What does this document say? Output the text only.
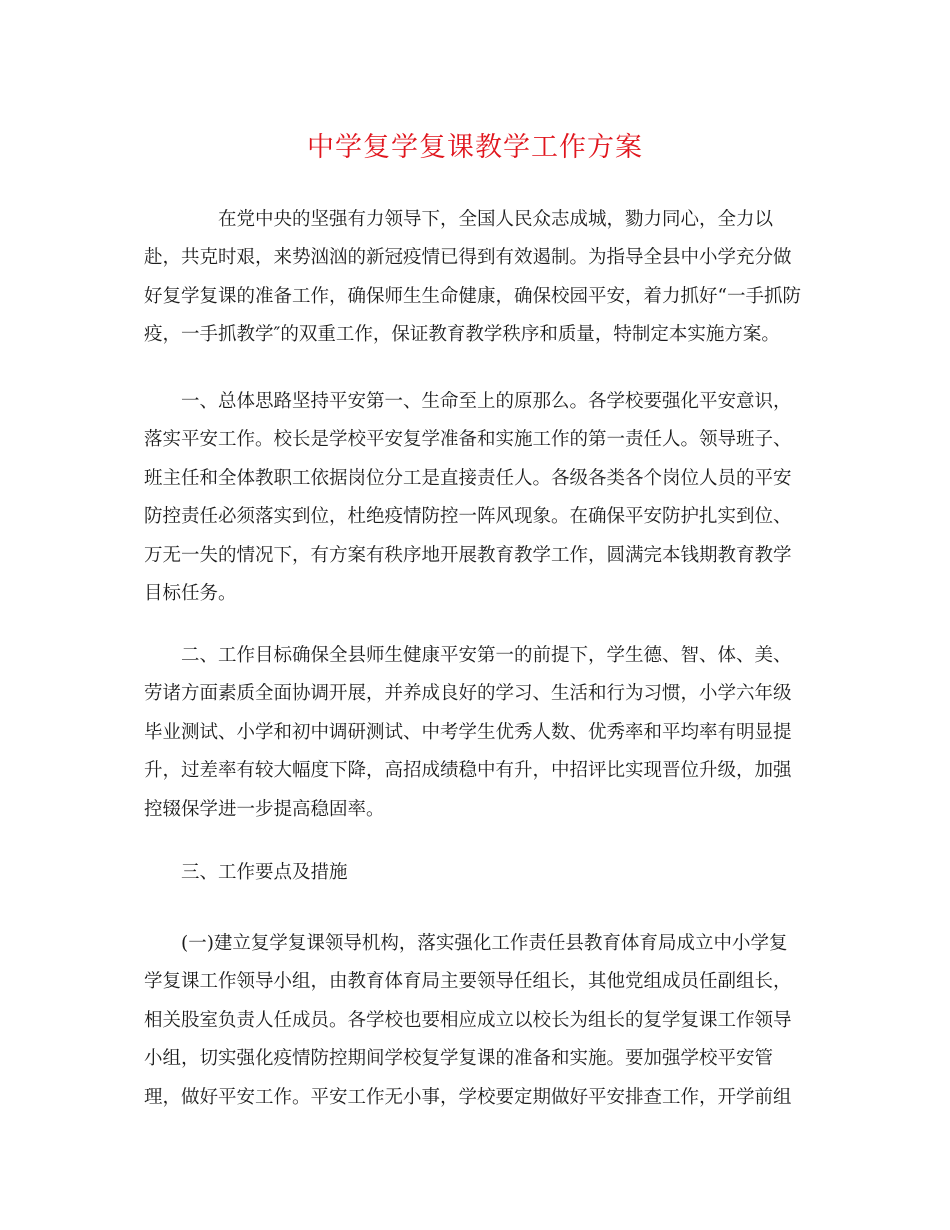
中学复学复课教学工作方案
　　　　在党中央的坚强有力领导下，全国人民众志成城，勠力同心，全力以
赴，共克时艰，来势汹汹的新冠疫情已得到有效遏制。为指导全县中小学充分做
好复学复课的准备工作，确保师生生命健康，确保校园平安，着力抓好“一手抓防
疫，一手抓教学″的双重工作，保证教育教学秩序和质量，特制定本实施方案。
　　一、总体思路坚持平安第一、生命至上的原那么。各学校要强化平安意识，
落实平安工作。校长是学校平安复学准备和实施工作的第一责任人。领导班子、
班主任和全体教职工依据岗位分工是直接责任人。各级各类各个岗位人员的平安
防控责任必须落实到位，杜绝疫情防控一阵风现象。在确保平安防护扎实到位、
万无一失的情况下，有方案有秩序地开展教育教学工作，圆满完本钱期教育教学
目标任务。
　　二、工作目标确保全县师生健康平安第一的前提下，学生德、智、体、美、
劳诸方面素质全面协调开展，并养成良好的学习、生活和行为习惯，小学六年级
毕业测试、小学和初中调研测试、中考学生优秀人数、优秀率和平均率有明显提
升，过差率有较大幅度下降，高招成绩稳中有升，中招评比实现晋位升级，加强
控辍保学进一步提高稳固率。
　　三、工作要点及措施
　　(一)建立复学复课领导机构，落实强化工作责任县教育体育局成立中小学复
学复课工作领导小组，由教育体育局主要领导任组长，其他党组成员任副组长，
相关股室负责人任成员。各学校也要相应成立以校长为组长的复学复课工作领导
小组，切实强化疫情防控期间学校复学复课的准备和实施。要加强学校平安管
理，做好平安工作。平安工作无小事，学校要定期做好平安排查工作，开学前组
